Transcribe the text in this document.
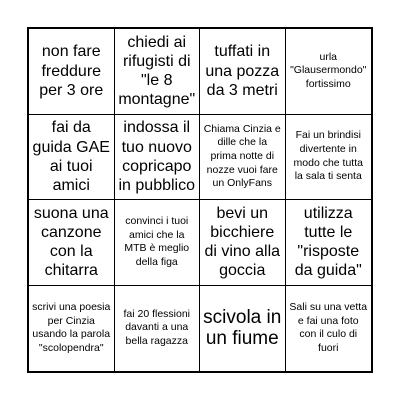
non fare freddure per 3 ore
chiedi ai rifugisti di "le 8 montagne"
tuffati in una pozza da 3 metri
urla "Glausermondo" fortissimo
fai da guida GAE ai tuoi amici
indossa il tuo nuovo copricapo in pubblico
Chiama Cinzia e dille che la prima notte di nozze vuoi fare un OnlyFans
Fai un brindisi divertente in modo che tutta la sala ti senta
suona una canzone con la chitarra
convinci i tuoi amici che la MTB è meglio della figa
bevi un bicchiere di vino alla goccia
utilizza tutte le "risposte da guida"
scrivi una poesia per Cinzia usando la parola "scolopendra"
fai 20 flessioni davanti a una bella ragazza
scivola in un fiume
Sali su una vetta e fai una foto con il culo di fuori
